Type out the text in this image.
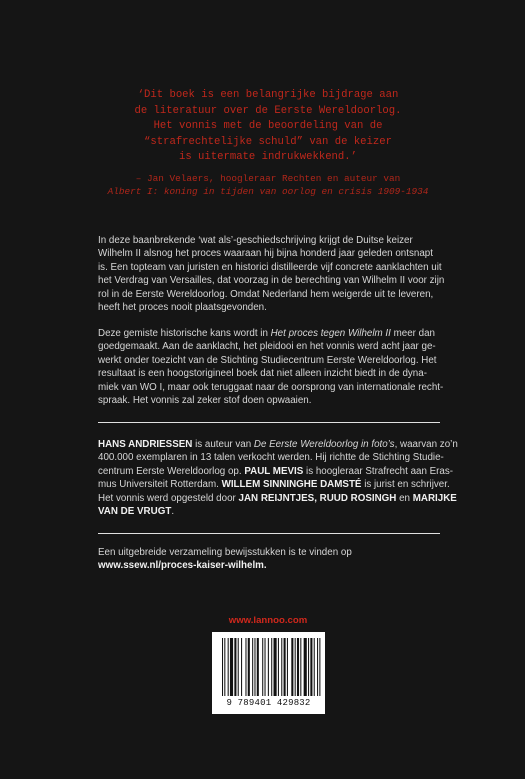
‘Dit boek is een belangrijke bijdrage aan
de literatuur over de Eerste Wereldoorlog.
Het vonnis met de beoordeling van de
“strafrechtelijke schuld” van de keizer
is uitermate indrukwekkend.’
– Jan Velaers, hoogleraar Rechten en auteur van
Albert I: koning in tijden van oorlog en crisis 1909-1934
In deze baanbrekende ‘wat als’-geschiedschrijving krijgt de Duitse keizer
Wilhelm II alsnog het proces waaraan hij bijna honderd jaar geleden ontsnapt
is. Een topteam van juristen en historici distilleerde vijf concrete aanklachten uit
het Verdrag van Versailles, dat voorzag in de berechting van Wilhelm II voor zijn
rol in de Eerste Wereldoorlog. Omdat Nederland hem weigerde uit te leveren,
heeft het proces nooit plaatsgevonden.
Deze gemiste historische kans wordt in Het proces tegen Wilhelm II meer dan
goedgemaakt. Aan de aanklacht, het pleidooi en het vonnis werd acht jaar ge-
werkt onder toezicht van de Stichting Studiecentrum Eerste Wereldoorlog. Het
resultaat is een hoogstorigineel boek dat niet alleen inzicht biedt in de dyna-
miek van WO I, maar ook teruggaat naar de oorsprong van internationale recht-
spraak. Het vonnis zal zeker stof doen opwaaien.
HANS ANDRIESSEN is auteur van De Eerste Wereldoorlog in foto’s, waarvan zo’n
400.000 exemplaren in 13 talen verkocht werden. Hij richtte de Stichting Studie-
centrum Eerste Wereldoorlog op. PAUL MEVIS is hoogleraar Strafrecht aan Eras-
mus Universiteit Rotterdam. WILLEM SINNINGHE DAMSTÉ is jurist en schrijver.
Het vonnis werd opgesteld door JAN REIJNTJES, RUUD ROSINGH en MARIJKE
VAN DE VRUGT.
Een uitgebreide verzameling bewijsstukken is te vinden op
www.ssew.nl/proces-kaiser-wilhelm.
www.lannoo.com
9 789401 429832
